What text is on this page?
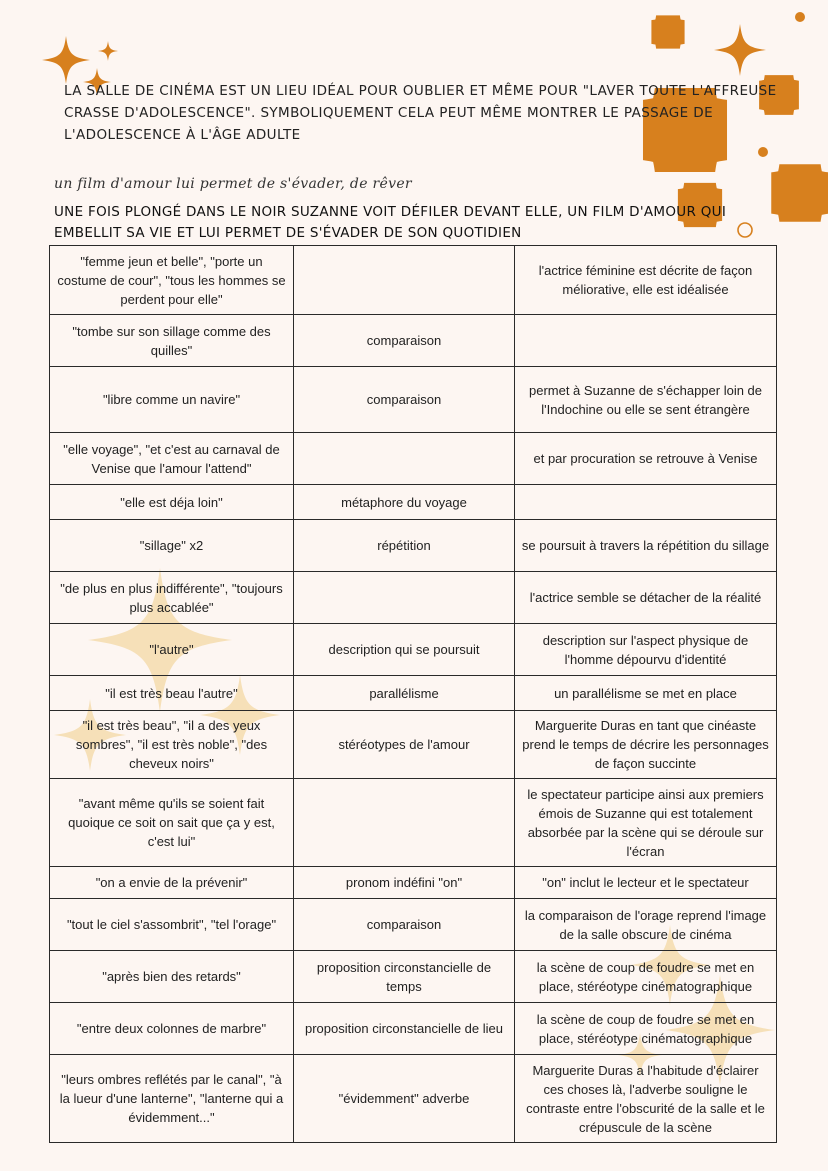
LA SALLE DE CINÉMA EST UN LIEU IDÉAL POUR OUBLIER ET MÊME POUR "LAVER TOUTE L'AFFREUSE CRASSE D'ADOLESCENCE". SYMBOLIQUEMENT CELA PEUT MÊME MONTRER LE PASSAGE DE L'ADOLESCENCE À L'ÂGE ADULTE
un film d'amour lui permet de s'évader, de rêver
UNE FOIS PLONGÉ DANS LE NOIR SUZANNE VOIT DÉFILER DEVANT ELLE, UN FILM D'AMOUR QUI EMBELLIT SA VIE ET LUI PERMET DE S'ÉVADER DE SON QUOTIDIEN
"femme jeun et belle", "porte un costume de cour", "tous les hommes se perdent pour elle"		l'actrice féminine est décrite de façon méliorative, elle est idéalisée
"tombe sur son sillage comme des quilles"	comparaison	
"libre comme un navire"	comparaison	permet à Suzanne de s'échapper loin de l'Indochine ou elle se sent étrangère
"elle voyage", "et c'est au carnaval de Venise que l'amour l'attend"		et par procuration se retrouve à Venise
"elle est déja loin"	métaphore du voyage	
"sillage" x2	répétition	se poursuit à travers la répétition du sillage
"de plus en plus indifférente", "toujours plus accablée"		l'actrice semble se détacher de la réalité
"l'autre"	description qui se poursuit	description sur l'aspect physique de l'homme dépourvu d'identité
"il est très beau l'autre"	parallélisme	un parallélisme se met en place
"il est très beau", "il a des yeux sombres", "il est très noble", "des cheveux noirs"	stéréotypes de l'amour	Marguerite Duras en tant que cinéaste prend le temps de décrire les personnages de façon succinte
"avant même qu'ils se soient fait quoique ce soit on sait que ça y est, c'est lui"		le spectateur participe ainsi aux premiers émois de Suzanne qui est totalement absorbée par la scène qui se déroule sur l'écran
"on a envie de la prévenir"	pronom indéfini "on"	"on" inclut le lecteur et le spectateur
"tout le ciel s'assombrit", "tel l'orage"	comparaison	la comparaison de l'orage reprend l'image de la salle obscure de cinéma
"après bien des retards"	proposition circonstancielle de temps	la scène de coup de foudre se met en place, stéréotype cinématographique
"entre deux colonnes de marbre"	proposition circonstancielle de lieu	la scène de coup de foudre se met en place, stéréotype cinématographique
"leurs ombres reflétés par le canal", "à la lueur d'une lanterne", "lanterne qui a évidemment..."	"évidemment" adverbe	Marguerite Duras a l'habitude d'éclairer ces choses là, l'adverbe souligne le contraste entre l'obscurité de la salle et le crépuscule de la scène
